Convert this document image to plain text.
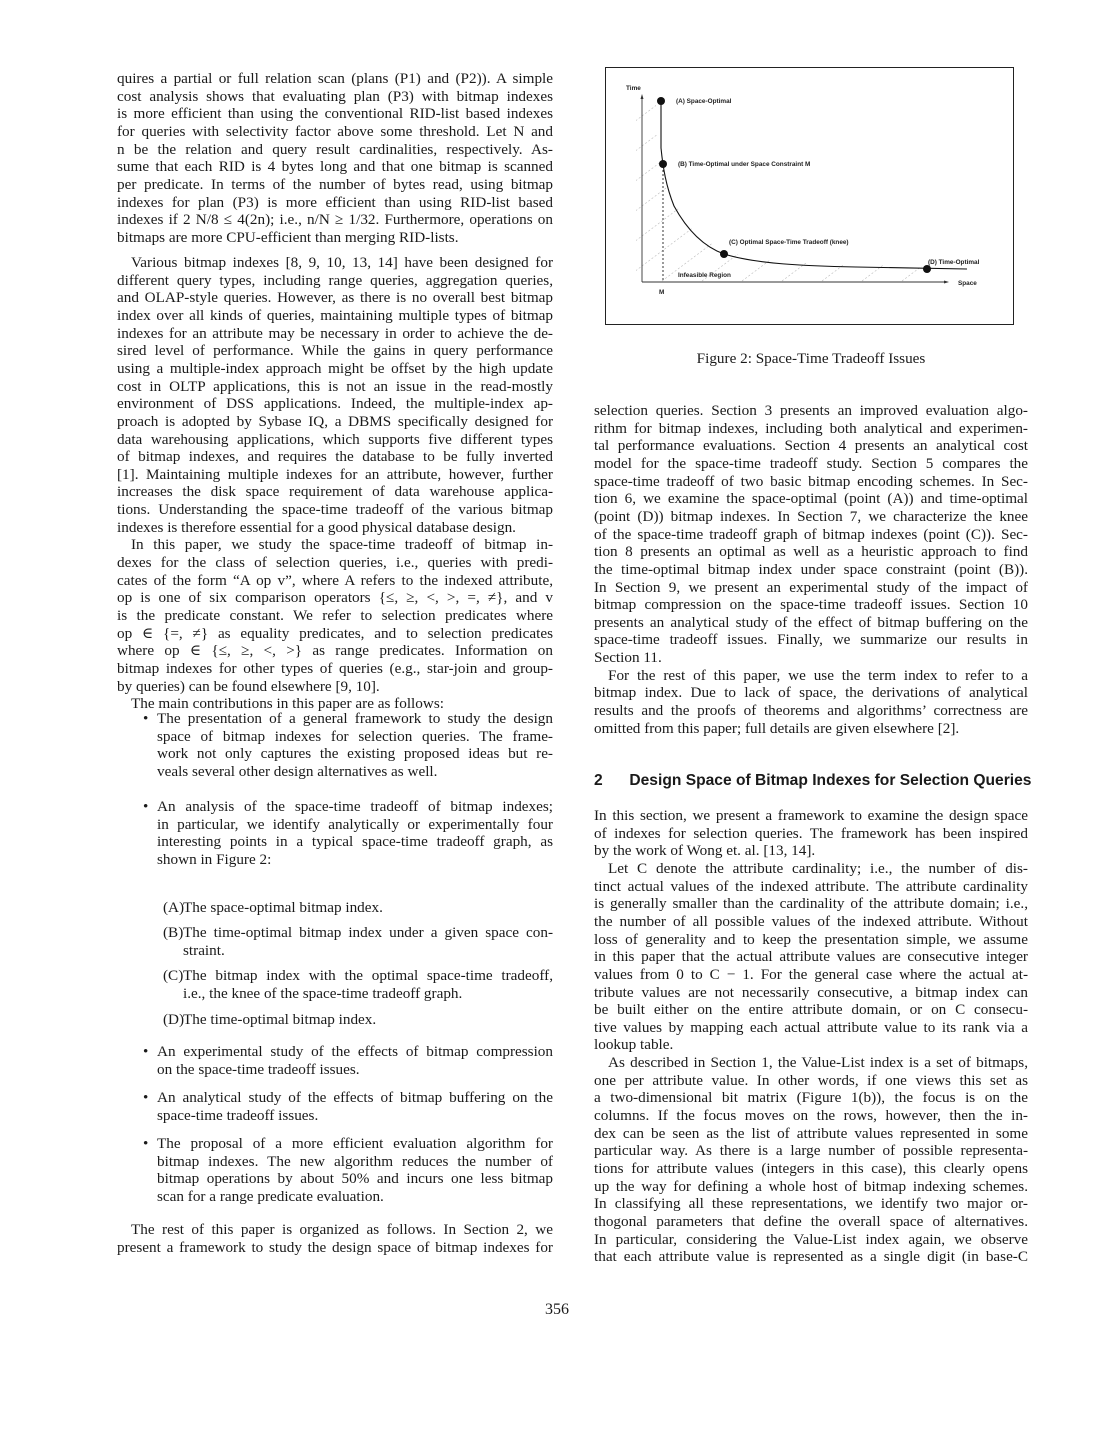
quires a partial or full relation scan (plans (P1) and (P2)). A simple
cost analysis shows that evaluating plan (P3) with bitmap indexes
is more efficient than using the conventional RID-list based indexes
for queries with selectivity factor above some threshold. Let N and
n be the relation and query result cardinalities, respectively. As-
sume that each RID is 4 bytes long and that one bitmap is scanned
per predicate. In terms of the number of bytes read, using bitmap
indexes for plan (P3) is more efficient than using RID-list based
indexes if 2 N/8 ≤ 4(2n); i.e., n/N ≥ 1/32. Furthermore, operations on
bitmaps are more CPU-efficient than merging RID-lists.
Various bitmap indexes [8, 9, 10, 13, 14] have been designed for
different query types, including range queries, aggregation queries,
and OLAP-style queries. However, as there is no overall best bitmap
index over all kinds of queries, maintaining multiple types of bitmap
indexes for an attribute may be necessary in order to achieve the de-
sired level of performance. While the gains in query performance
using a multiple-index approach might be offset by the high update
cost in OLTP applications, this is not an issue in the read-mostly
environment of DSS applications. Indeed, the multiple-index ap-
proach is adopted by Sybase IQ, a DBMS specifically designed for
data warehousing applications, which supports five different types
of bitmap indexes, and requires the database to be fully inverted
[1]. Maintaining multiple indexes for an attribute, however, further
increases the disk space requirement of data warehouse applica-
tions. Understanding the space-time tradeoff of the various bitmap
indexes is therefore essential for a good physical database design.
In this paper, we study the space-time tradeoff of bitmap in-
dexes for the class of selection queries, i.e., queries with predi-
cates of the form “A op v”, where A refers to the indexed attribute,
op is one of six comparison operators {≤, ≥, <, >, =, ≠}, and v
is the predicate constant. We refer to selection predicates where
op ∈ {=, ≠} as equality predicates, and to selection predicates
where op ∈ {≤, ≥, <, >} as range predicates. Information on
bitmap indexes for other types of queries (e.g., star-join and group-
by queries) can be found elsewhere [9, 10].
The main contributions in this paper are as follows:
• The presentation of a general framework to study the design
space of bitmap indexes for selection queries. The frame-
work not only captures the existing proposed ideas but re-
veals several other design alternatives as well.
• An analysis of the space-time tradeoff of bitmap indexes;
in particular, we identify analytically or experimentally four
interesting points in a typical space-time tradeoff graph, as
shown in Figure 2:
(A)
The space-optimal bitmap index.
(B) The time-optimal bitmap index under a given space con-
straint.
(C) The bitmap index with the optimal space-time tradeoff,
i.e., the knee of the space-time tradeoff graph.
(D)
The time-optimal bitmap index.
• An experimental study of the effects of bitmap compression
on the space-time tradeoff issues.
• An analytical study of the effects of bitmap buffering on the
space-time tradeoff issues.
• The proposal of a more efficient evaluation algorithm for
bitmap indexes. The new algorithm reduces the number of
bitmap operations by about 50% and incurs one less bitmap
scan for a range predicate evaluation.
The rest of this paper is organized as follows. In Section 2, we
present a framework to study the design space of bitmap indexes for
Time
Space
M
Infeasible Region
(A) Space-Optimal
(B) Time-Optimal under Space Constraint M
(C) Optimal Space-Time Tradeoff (knee)
(D) Time-Optimal
Figure 2: Space-Time Tradeoff Issues
selection queries. Section 3 presents an improved evaluation algo-
rithm for bitmap indexes, including both analytical and experimen-
tal performance evaluations. Section 4 presents an analytical cost
model for the space-time tradeoff study. Section 5 compares the
space-time tradeoff of two basic bitmap encoding schemes. In Sec-
tion 6, we examine the space-optimal (point (A)) and time-optimal
(point (D)) bitmap indexes. In Section 7, we characterize the knee
of the space-time tradeoff graph of bitmap indexes (point (C)). Sec-
tion 8 presents an optimal as well as a heuristic approach to find
the time-optimal bitmap index under space constraint (point (B)).
In Section 9, we present an experimental study of the impact of
bitmap compression on the space-time tradeoff issues. Section 10
presents an analytical study of the effect of bitmap buffering on the
space-time tradeoff issues. Finally, we summarize our results in
Section 11.
For the rest of this paper, we use the term index to refer to a
bitmap index. Due to lack of space, the derivations of analytical
results and the proofs of theorems and algorithms’ correctness are
omitted from this paper; full details are given elsewhere [2].
2 Design Space of Bitmap Indexes for Selection Queries
In this section, we present a framework to examine the design space
of indexes for selection queries. The framework has been inspired
by the work of Wong et. al. [13, 14].
Let C denote the attribute cardinality; i.e., the number of dis-
tinct actual values of the indexed attribute. The attribute cardinality
is generally smaller than the cardinality of the attribute domain; i.e.,
the number of all possible values of the indexed attribute. Without
loss of generality and to keep the presentation simple, we assume
in this paper that the actual attribute values are consecutive integer
values from 0 to C − 1. For the general case where the actual at-
tribute values are not necessarily consecutive, a bitmap index can
be built either on the entire attribute domain, or on C consecu-
tive values by mapping each actual attribute value to its rank via a
lookup table.
As described in Section 1, the Value-List index is a set of bitmaps,
one per attribute value. In other words, if one views this set as
a two-dimensional bit matrix (Figure 1(b)), the focus is on the
columns. If the focus moves on the rows, however, then the in-
dex can be seen as the list of attribute values represented in some
particular way. As there is a large number of possible representa-
tions for attribute values (integers in this case), this clearly opens
up the way for defining a whole host of bitmap indexing schemes.
In classifying all these representations, we identify two major or-
thogonal parameters that define the overall space of alternatives.
In particular, considering the Value-List index again, we observe
that each attribute value is represented as a single digit (in base-C
356
